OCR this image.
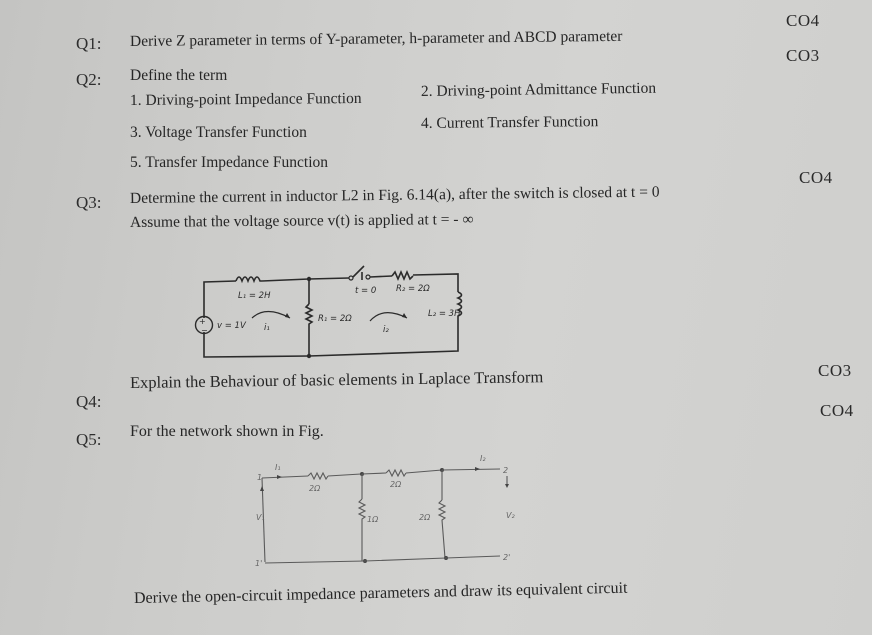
Q1: Derive Z parameter in terms of Y-parameter, h-parameter and ABCD parameter
CO4
Q2: Define the term
CO3
1. Driving-point Impedance Function	2. Driving-point Admittance Function
3. Voltage Transfer Function
4. Current Transfer Function
5. Transfer Impedance Function
Q3: Determine the current in inductor L2 in Fig. 6.14(a), after the switch is closed at t = 0
CO4
Assume that the voltage source v(t) is applied at t = - ∞
+
−
L₁ = 2H	t = 0 R₂ = 2Ω
v = 1V
R₁ = 2Ω	L₂ = 3H
i₁	i₂
Q4:
Explain the Behaviour of basic elements in Laplace Transform	CO3
Q5: For the network shown in Fig.
CO4
I₁
I₂
1
1'
2
2'
V₁	V₂
2Ω	2Ω
1Ω	2Ω
Derive the open-circuit impedance parameters and draw its equivalent circuit
